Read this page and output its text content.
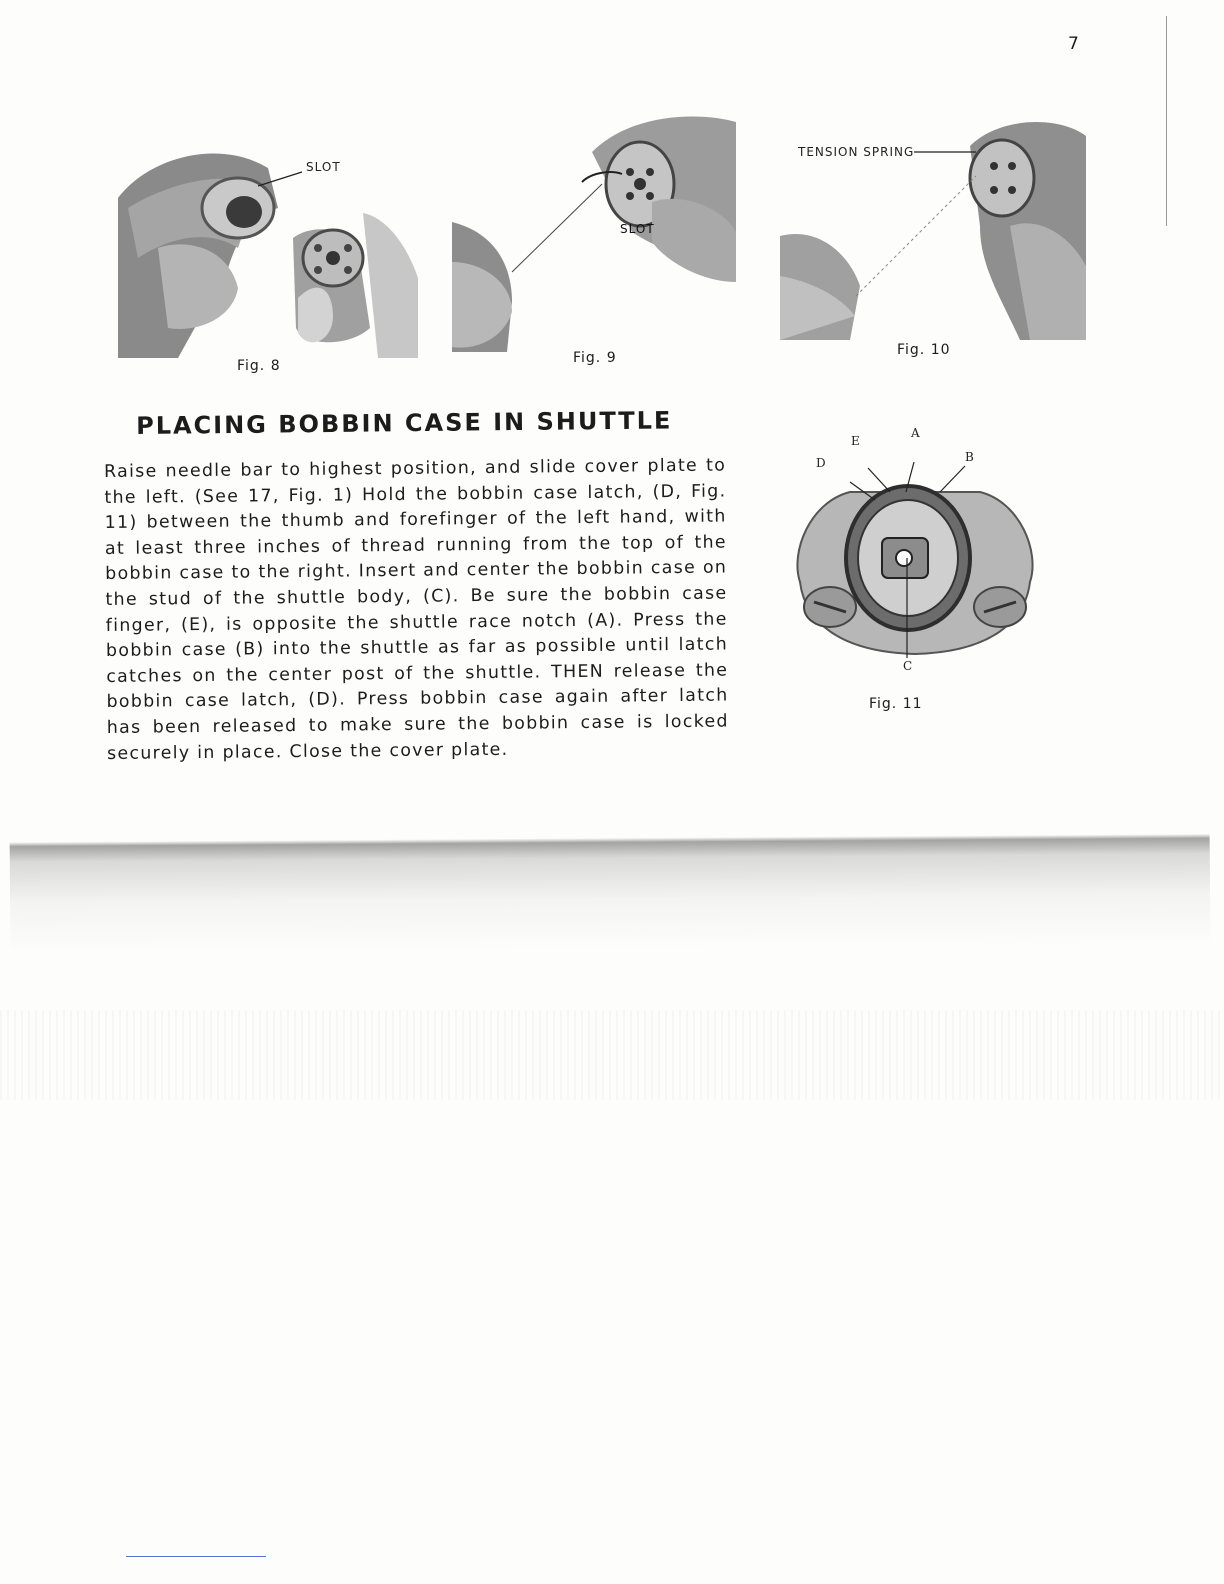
7
SLOT
Fig. 8
SLOT
Fig. 9
TENSION SPRING
Fig. 10
PLACING BOBBIN CASE IN SHUTTLE
Raise needle bar to highest position, and slide cover plate to the left. (See 17, Fig. 1) Hold the bobbin case latch, (D, Fig. 11) between the thumb and forefinger of the left hand, with at least three inches of thread running from the top of the bobbin case to the right. Insert and center the bobbin case on the stud of the shuttle body, (C). Be sure the bobbin case finger, (E), is opposite the shuttle race notch (A). Press the bobbin case (B) into the shuttle as far as possible until latch catches on the center post of the shuttle. THEN release the bobbin case latch, (D). Press bobbin case again after latch has been released to make sure the bobbin case is locked securely in place. Close the cover plate.
E
A
D	B
C
Fig. 11
